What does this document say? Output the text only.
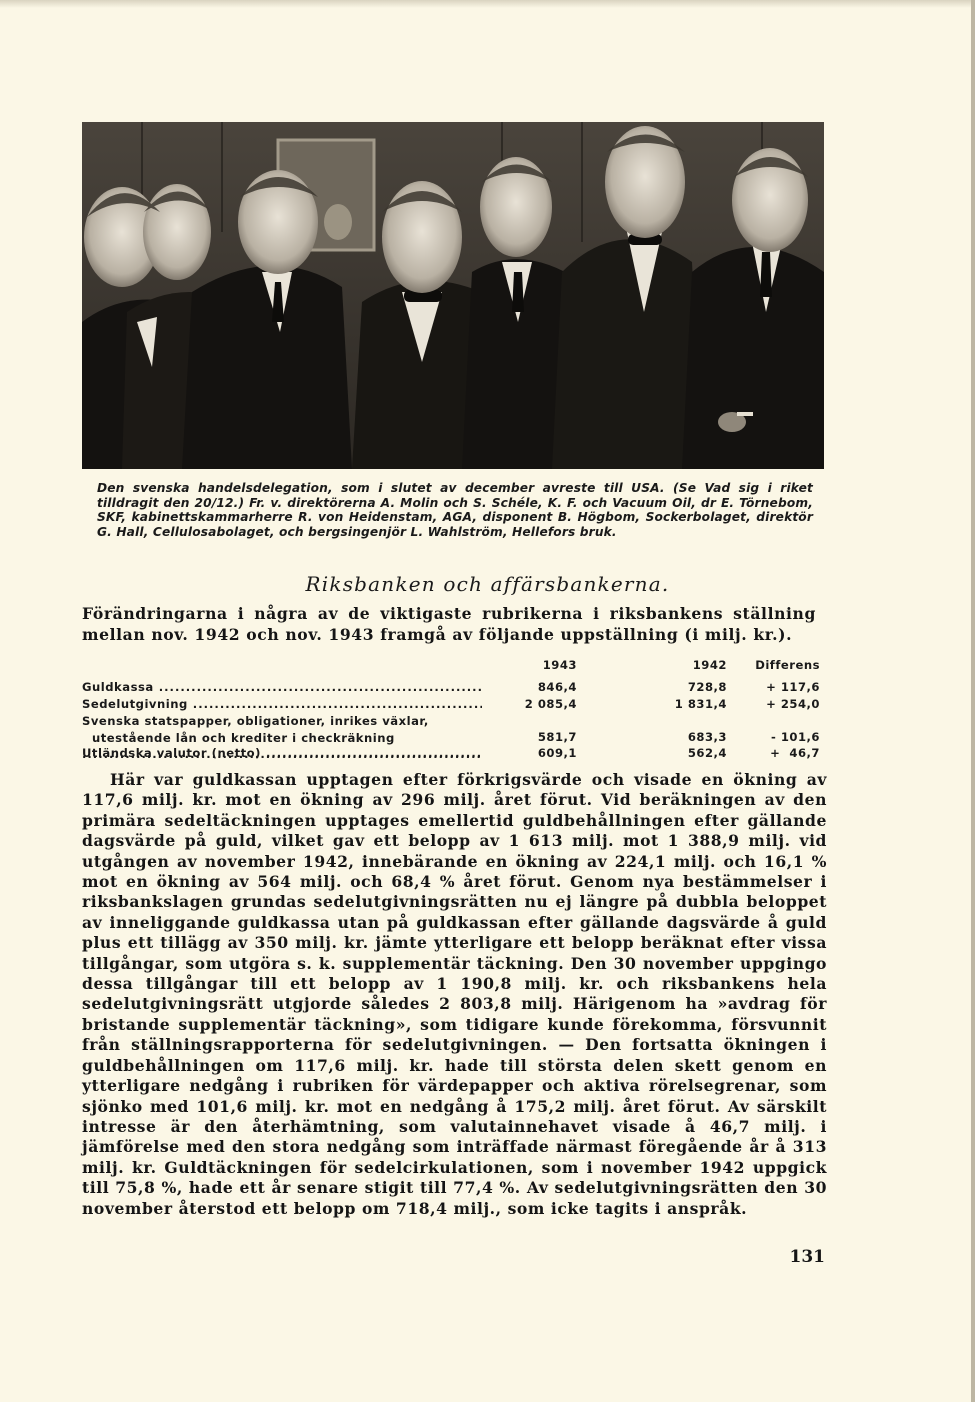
Den svenska handelsdelegation, som i slutet av december avreste till USA. (Se Vad sig i riket tilldragit den 20/12.) Fr. v. direktörerna A. Molin och S. Schéle, K. F. och Vacuum Oil, dr E. Törnebom, SKF, kabinettskammarherre R. von Heidenstam, AGA, disponent B. Högbom, Sockerbolaget, direktör G. Hall, Cellulosabolaget, och bergsingenjör L. Wahlström, Hellefors bruk.
Riksbanken och affärsbankerna.
Förändringarna i några av de viktigaste rubrikerna i riksbankens ställning mellan nov. 1942 och nov. 1943 framgå av följande uppställning (i milj. kr.).
1943	1942	Differens
Guldkassa .....	846,4	728,8	+ 117,6
Sedelutgivning .....	2 085,4	1 831,4	+ 254,0
Svenska statspapper, obligationer, inrikes växlar,
utestående lån och krediter i checkräkning .....	581,7	683,3	- 101,6
Utländska valutor (netto) .....	609,1	562,4	+  46,7

Här var guldkassan upptagen efter förkrigsvärde och visade en ökning av 117,6 milj. kr. mot en ökning av 296 milj. året förut. Vid beräkningen av den primära sedeltäckningen upptages emellertid guldbehållningen efter gällande dagsvärde på guld, vilket gav ett belopp av 1 613 milj. mot 1 388,9 milj. vid utgången av november 1942, innebärande en ökning av 224,1 milj. och 16,1 % mot en ökning av 564 milj. och 68,4 % året förut. Genom nya bestämmelser i riksbankslagen grundas sedelutgivningsrätten nu ej längre på dubbla beloppet av inneliggande guldkassa utan på guldkassan efter gällande dagsvärde å guld plus ett tillägg av 350 milj. kr. jämte ytterligare ett belopp beräknat efter vissa tillgångar, som utgöra s. k. supplementär täckning. Den 30 november uppgingo dessa tillgångar till ett belopp av 1 190,8 milj. kr. och riksbankens hela sedelutgivningsrätt utgjorde således 2 803,8 milj. Härigenom ha »avdrag för bristande supplementär täckning», som tidigare kunde förekomma, försvunnit från ställningsrapporterna för sedelutgivningen. — Den fortsatta ökningen i guldbehållningen om 117,6 milj. kr. hade till största delen skett genom en ytterligare nedgång i rubriken för värdepapper och aktiva rörelsegrenar, som sjönko med 101,6 milj. kr. mot en nedgång å 175,2 milj. året förut. Av särskilt intresse är den återhämtning, som valutainnehavet visade å 46,7 milj. i jämförelse med den stora nedgång som inträffade närmast föregående år å 313 milj. kr. Guldtäckningen för sedelcirkulationen, som i november 1942 uppgick till 75,8 %, hade ett år senare stigit till 77,4 %. Av sedelutgivningsrätten den 30 november återstod ett belopp om 718,4 milj., som icke tagits i anspråk.

131
